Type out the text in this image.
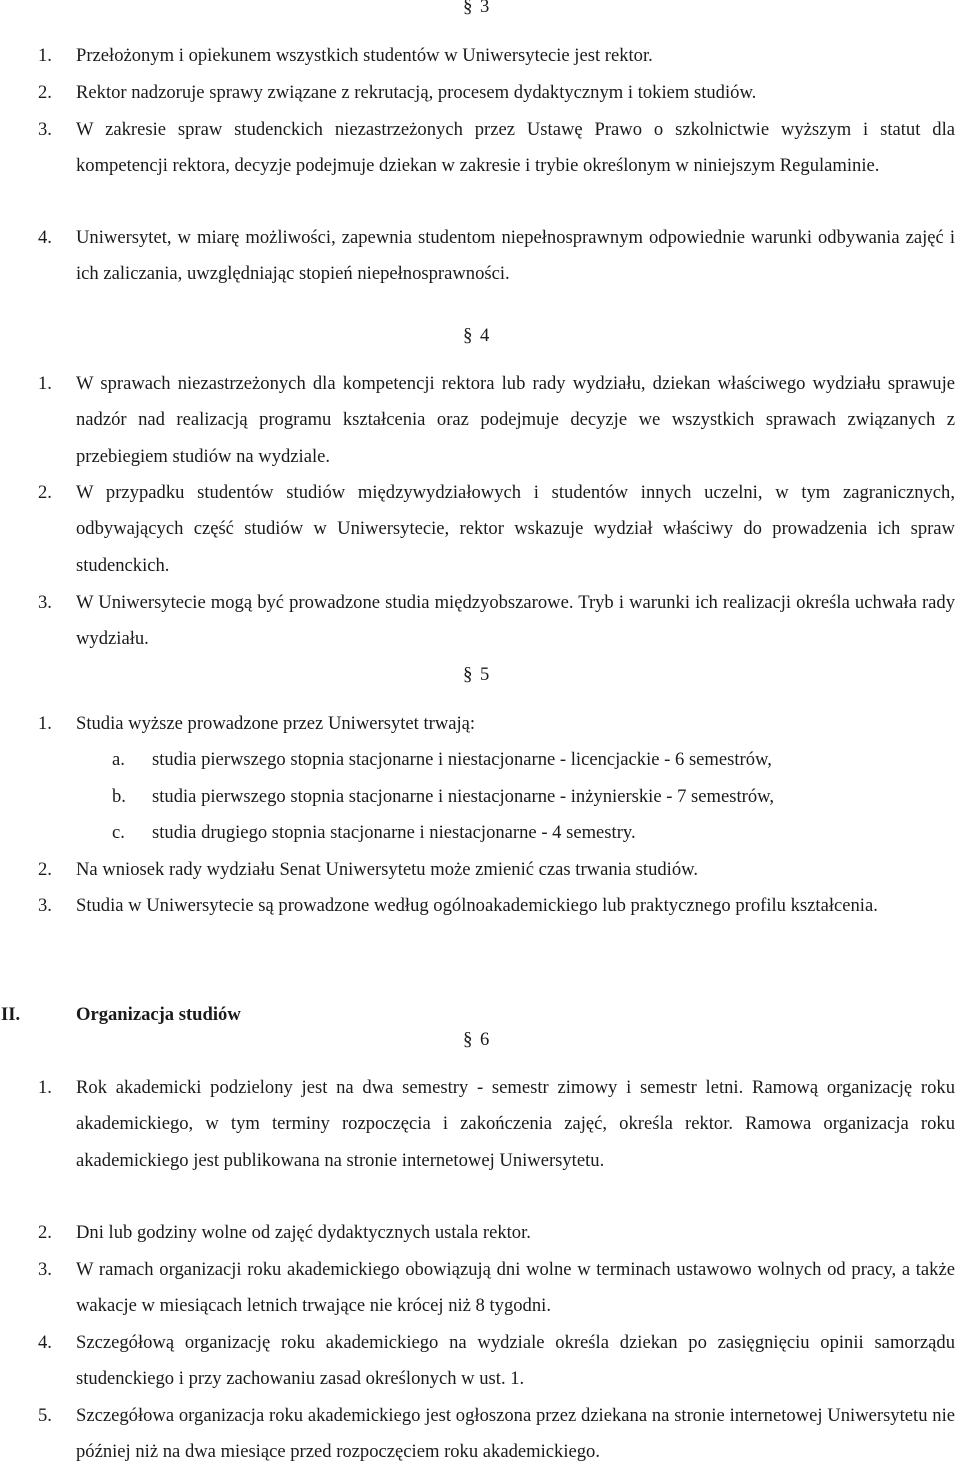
§ 3
1. Przełożonym i opiekunem wszystkich studentów w Uniwersytecie jest rektor.
2. Rektor nadzoruje sprawy związane z rekrutacją, procesem dydaktycznym i tokiem studiów.
3. W zakresie spraw studenckich niezastrzeżonych przez Ustawę Prawo o szkolnictwie wyższym i statut dla kompetencji rektora, decyzje podejmuje dziekan w zakresie i trybie określonym w niniejszym Regulaminie.
4. Uniwersytet, w miarę możliwości, zapewnia studentom niepełnosprawnym odpowiednie warunki odbywania zajęć i ich zaliczania, uwzględniając stopień niepełnosprawności.
§ 4
1. W sprawach niezastrzeżonych dla kompetencji rektora lub rady wydziału, dziekan właściwego wydziału sprawuje nadzór nad realizacją programu kształcenia oraz podejmuje decyzje we wszystkich sprawach związanych z przebiegiem studiów na wydziale.
2. W przypadku studentów studiów międzywydziałowych i studentów innych uczelni, w tym zagranicznych, odbywających część studiów w Uniwersytecie, rektor wskazuje wydział właściwy do prowadzenia ich spraw studenckich.
3. W Uniwersytecie mogą być prowadzone studia międzyobszarowe. Tryb i warunki ich realizacji określa uchwała rady wydziału.
§ 5
1. Studia wyższe prowadzone przez Uniwersytet trwają:
a. studia pierwszego stopnia stacjonarne i niestacjonarne - licencjackie - 6 semestrów,
b. studia pierwszego stopnia stacjonarne i niestacjonarne - inżynierskie - 7 semestrów,
c. studia drugiego stopnia stacjonarne i niestacjonarne - 4 semestry.
2. Na wniosek rady wydziału Senat Uniwersytetu może zmienić czas trwania studiów.
3. Studia w Uniwersytecie są prowadzone według ogólnoakademickiego lub praktycznego profilu kształcenia.
II.	Organizacja studiów
§ 6
1. Rok akademicki podzielony jest na dwa semestry - semestr zimowy i semestr letni. Ramową organizację roku akademickiego, w tym terminy rozpoczęcia i zakończenia zajęć, określa rektor. Ramowa organizacja roku akademickiego jest publikowana na stronie internetowej Uniwersytetu.
2. Dni lub godziny wolne od zajęć dydaktycznych ustala rektor.
3. W ramach organizacji roku akademickiego obowiązują dni wolne w terminach ustawowo wolnych od pracy, a także wakacje w miesiącach letnich trwające nie krócej niż 8 tygodni.
4. Szczegółową organizację roku akademickiego na wydziale określa dziekan po zasięgnięciu opinii samorządu studenckiego i przy zachowaniu zasad określonych w ust. 1.
5. Szczegółowa organizacja roku akademickiego jest ogłoszona przez dziekana na stronie internetowej Uniwersytetu nie później niż na dwa miesiące przed rozpoczęciem roku akademickiego.
